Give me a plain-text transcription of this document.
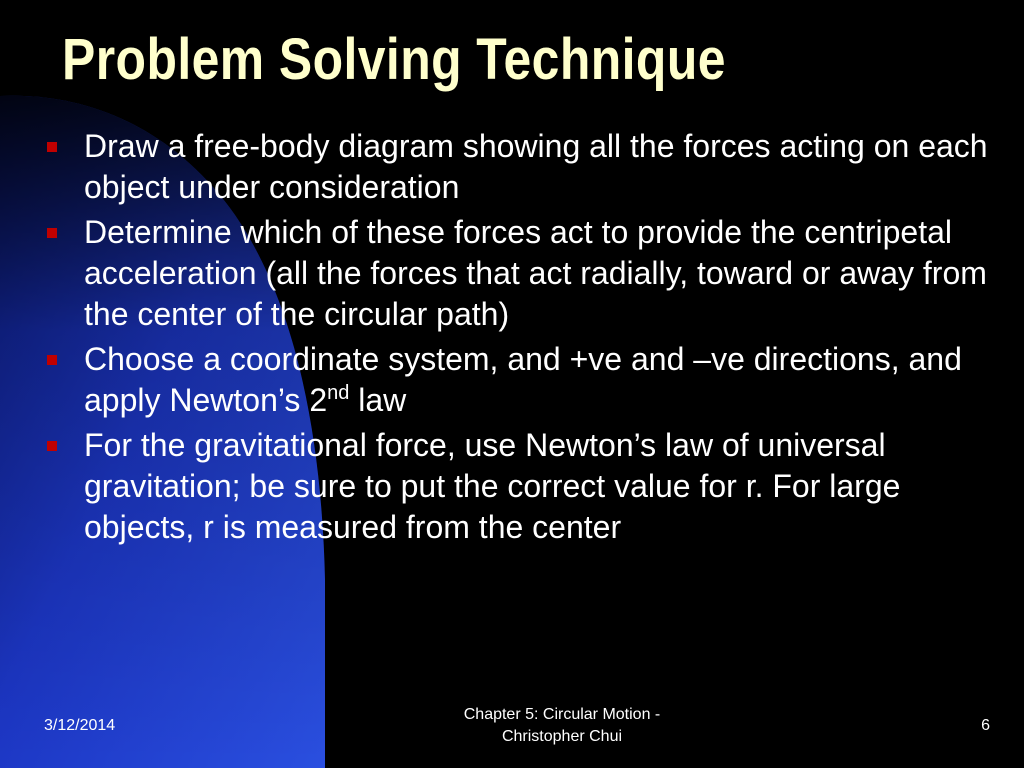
Problem Solving Technique
Draw a free-body diagram showing all the forces acting on each object under consideration
Determine which of these forces act to provide the centripetal acceleration (all the forces that act radially, toward or away from the center of the circular path)
Choose a coordinate system, and +ve and –ve directions, and apply Newton’s 2nd law
For the gravitational force, use Newton’s law of universal gravitation; be sure to put the correct value for r. For large objects, r is measured from the center
3/12/2014
Chapter 5: Circular Motion -
Christopher Chui
6
